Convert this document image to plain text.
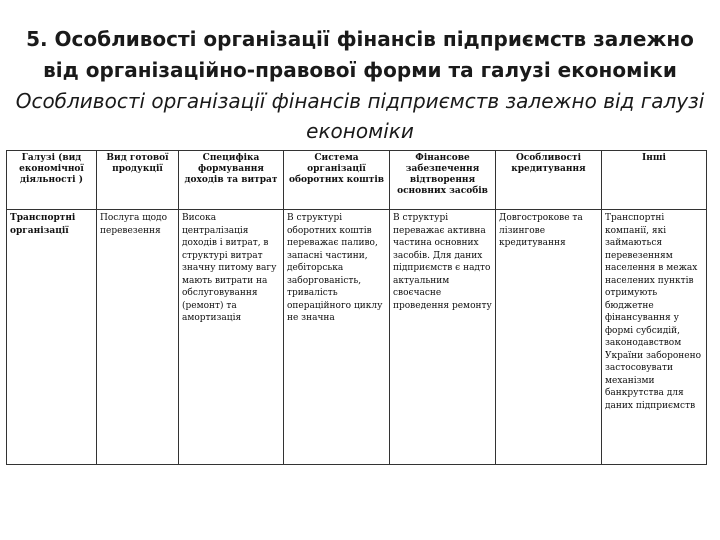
5. Особливості організації фінансів підприємств залежно від організаційно-правової форми та галузі економіки
Особливості організації фінансів підприємств залежно від галузі економіки
Галузі (вид економічної діяльності )	Вид готової продукції	Специфіка формування доходів та витрат	Система організації оборотних коштів	Фінансове забезпечення відтворення основних засобів	Особливості кредитування	Інші
Транспортні організації	Послуга щодо перевезення	Висока централізація доходів і витрат, в структурі витрат значну питому вагу мають витрати на обслуговування (ремонт) та амортизація	В структурі оборотних коштів переважає паливо, запасні частини, дебіторська заборгованість, тривалість операційного циклу не значна	В структурі переважає активна частина основних засобів. Для даних підприємств є надто актуальним своєчасне проведення ремонту	Довгострокове та лізингове кредитування	Транспортні компанії, які займаються перевезенням населення в межах населених пунктів отримують бюджетне фінансування у формі субсидій, законодавством України заборонено застосовувати механізми банкрутства для даних підприємств
